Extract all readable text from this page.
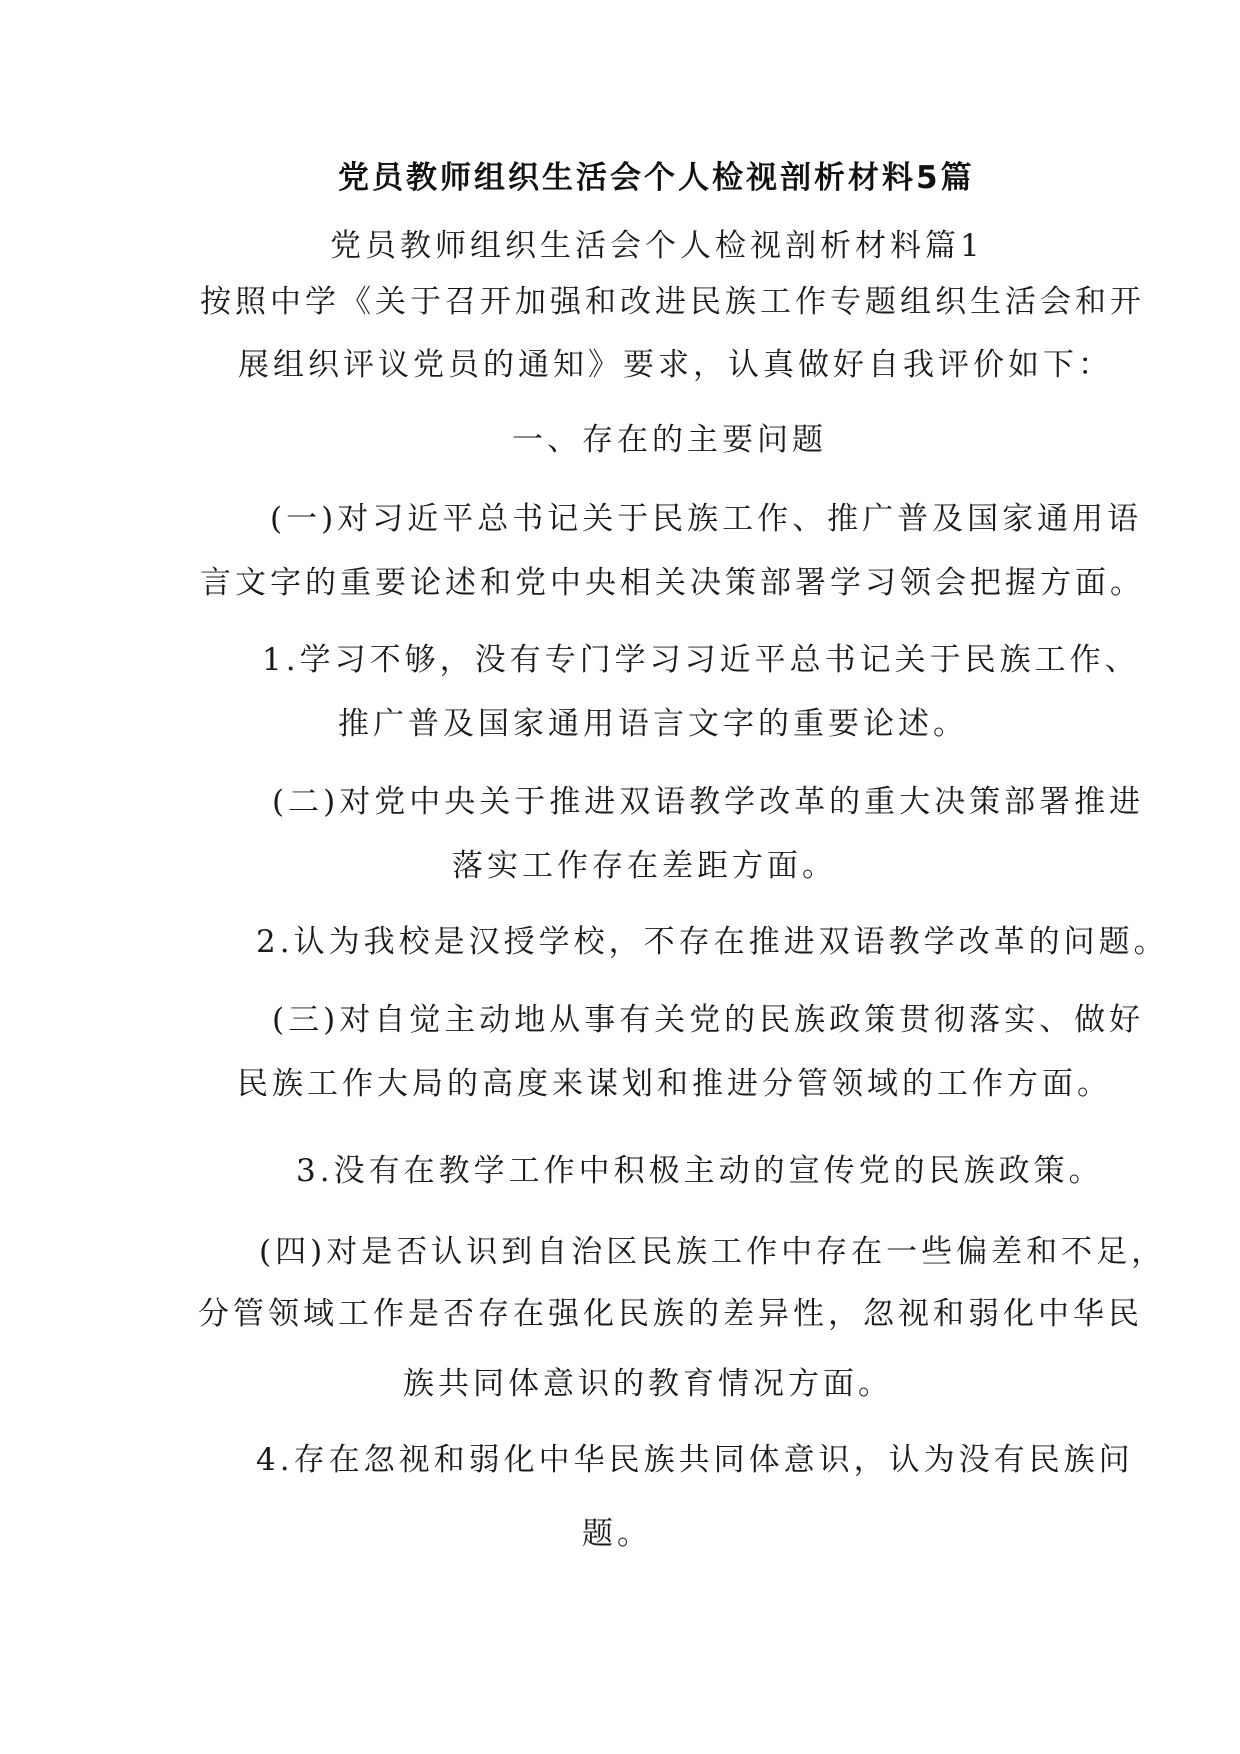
党员教师组织生活会个人检视剖析材料5篇
党员教师组织生活会个人检视剖析材料篇1
按照中学《关于召开加强和改进民族工作专题组织生活会和开
展组织评议党员的通知》要求，认真做好自我评价如下：
一、存在的主要问题
(一)对习近平总书记关于民族工作、推广普及国家通用语
言文字的重要论述和党中央相关决策部署学习领会把握方面。
1.学习不够，没有专门学习习近平总书记关于民族工作、
推广普及国家通用语言文字的重要论述。
(二)对党中央关于推进双语教学改革的重大决策部署推进
落实工作存在差距方面。
2.认为我校是汉授学校，不存在推进双语教学改革的问题。
(三)对自觉主动地从事有关党的民族政策贯彻落实、做好
民族工作大局的高度来谋划和推进分管领域的工作方面。
3.没有在教学工作中积极主动的宣传党的民族政策。
(四)对是否认识到自治区民族工作中存在一些偏差和不足，
分管领域工作是否存在强化民族的差异性，忽视和弱化中华民
族共同体意识的教育情况方面。
4.存在忽视和弱化中华民族共同体意识，认为没有民族问
题。
